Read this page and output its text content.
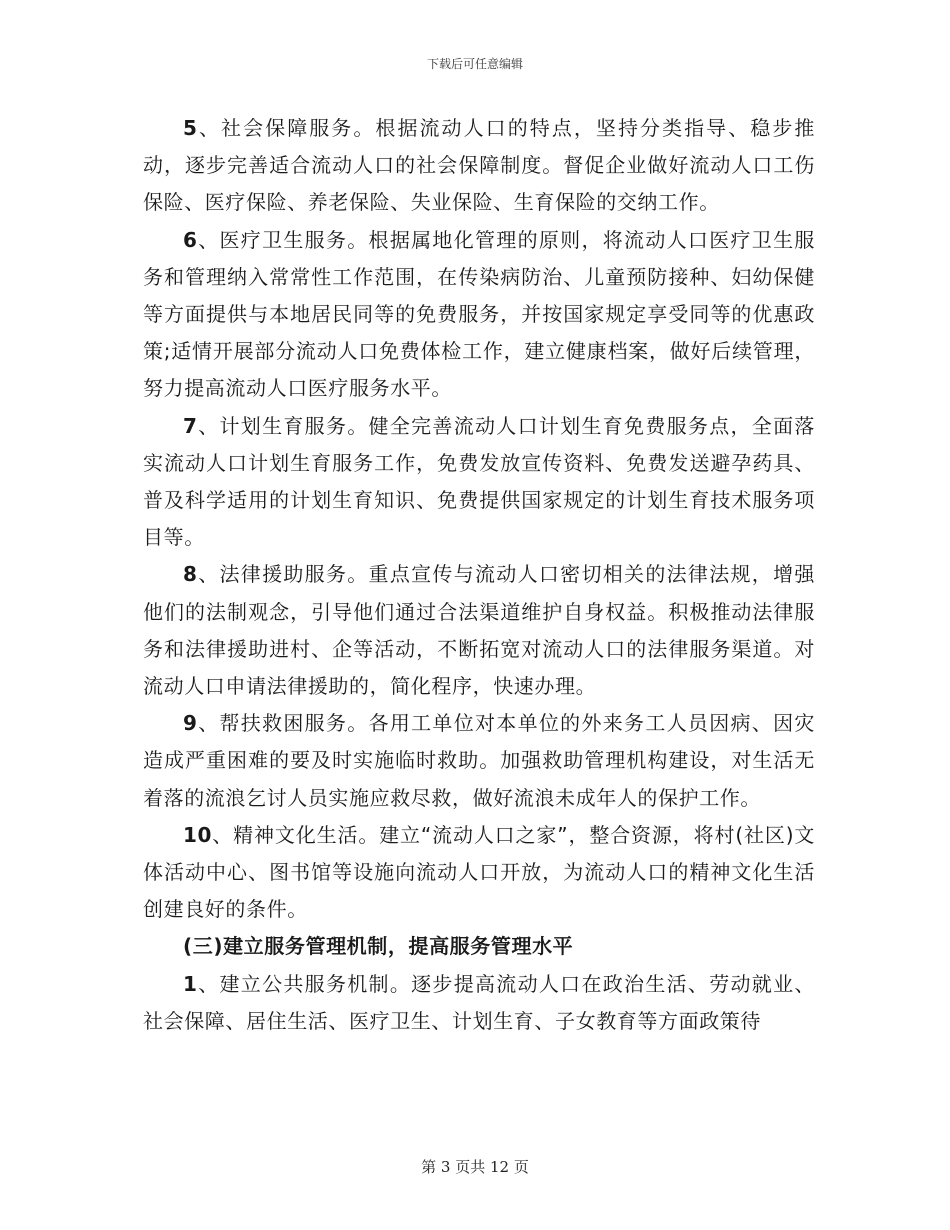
下载后可任意编辑

5、社会保障服务。根据流动人口的特点，坚持分类指导、稳步推动，逐步完善适合流动人口的社会保障制度。督促企业做好流动人口工伤保险、医疗保险、养老保险、失业保险、生育保险的交纳工作。

6、医疗卫生服务。根据属地化管理的原则，将流动人口医疗卫生服务和管理纳入常常性工作范围，在传染病防治、儿童预防接种、妇幼保健等方面提供与本地居民同等的免费服务，并按国家规定享受同等的优惠政策;适情开展部分流动人口免费体检工作，建立健康档案，做好后续管理，努力提高流动人口医疗服务水平。

7、计划生育服务。健全完善流动人口计划生育免费服务点，全面落实流动人口计划生育服务工作，免费发放宣传资料、免费发送避孕药具、普及科学适用的计划生育知识、免费提供国家规定的计划生育技术服务项目等。

8、法律援助服务。重点宣传与流动人口密切相关的法律法规，增强他们的法制观念，引导他们通过合法渠道维护自身权益。积极推动法律服务和法律援助进村、企等活动，不断拓宽对流动人口的法律服务渠道。对流动人口申请法律援助的，简化程序，快速办理。

9、帮扶救困服务。各用工单位对本单位的外来务工人员因病、因灾造成严重困难的要及时实施临时救助。加强救助管理机构建设，对生活无着落的流浪乞讨人员实施应救尽救，做好流浪未成年人的保护工作。

10、精神文化生活。建立“流动人口之家”，整合资源，将村(社区)文体活动中心、图书馆等设施向流动人口开放，为流动人口的精神文化生活创建良好的条件。

(三)建立服务管理机制，提高服务管理水平

1、建立公共服务机制。逐步提高流动人口在政治生活、劳动就业、社会保障、居住生活、医疗卫生、计划生育、子女教育等方面政策待

第 3 页共 12 页
